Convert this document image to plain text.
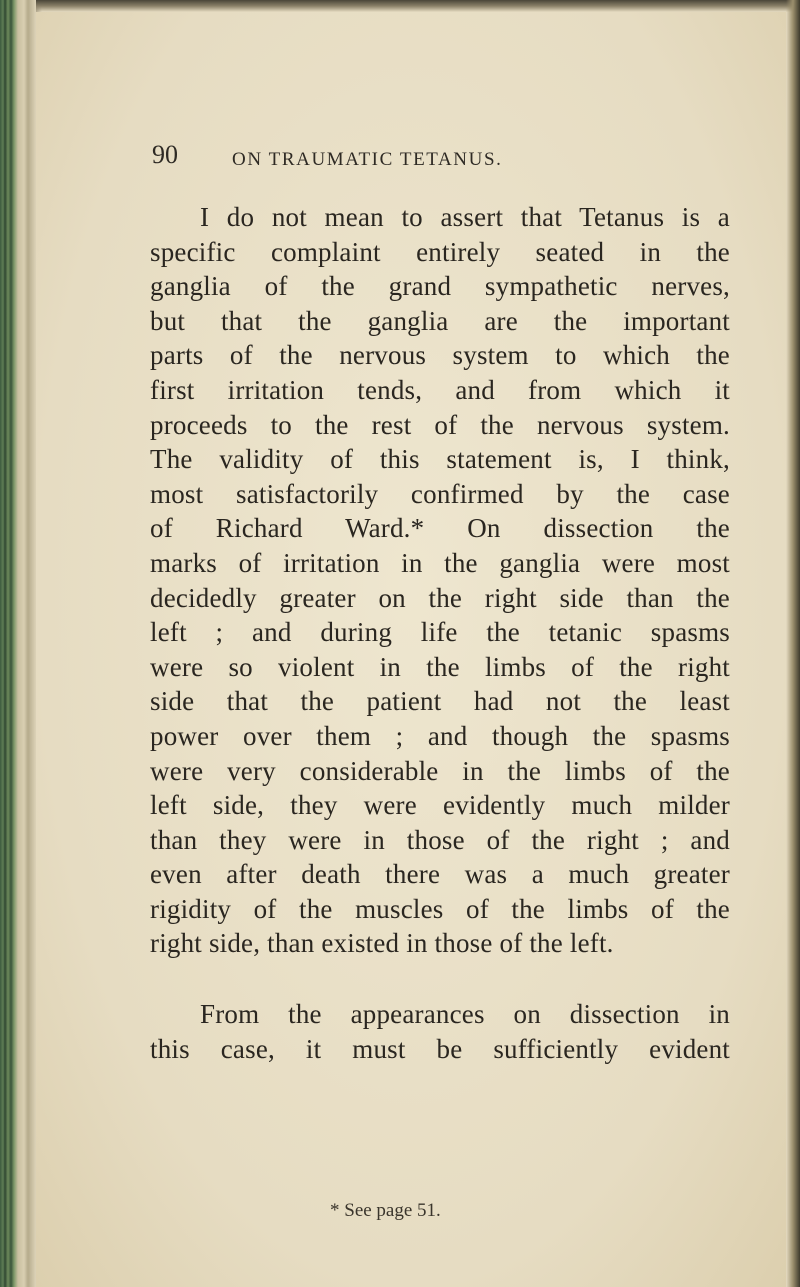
90	ON TRAUMATIC TETANUS.
I do not mean to assert that Tetanus is a
specific complaint entirely seated in the
ganglia of the grand sympathetic nerves,
but that the ganglia are the important
parts of the nervous system to which the
first irritation tends, and from which it
proceeds to the rest of the nervous system.
The validity of this statement is, I think,
most satisfactorily confirmed by the case
of Richard Ward.* On dissection the
marks of irritation in the ganglia were most
decidedly greater on the right side than the
left ; and during life the tetanic spasms
were so violent in the limbs of the right
side that the patient had not the least
power over them ; and though the spasms
were very considerable in the limbs of the
left side, they were evidently much milder
than they were in those of the right ; and
even after death there was a much greater
rigidity of the muscles of the limbs of the
right side, than existed in those of the left.
From the appearances on dissection in
this case, it must be sufficiently evident
* See page 51.
